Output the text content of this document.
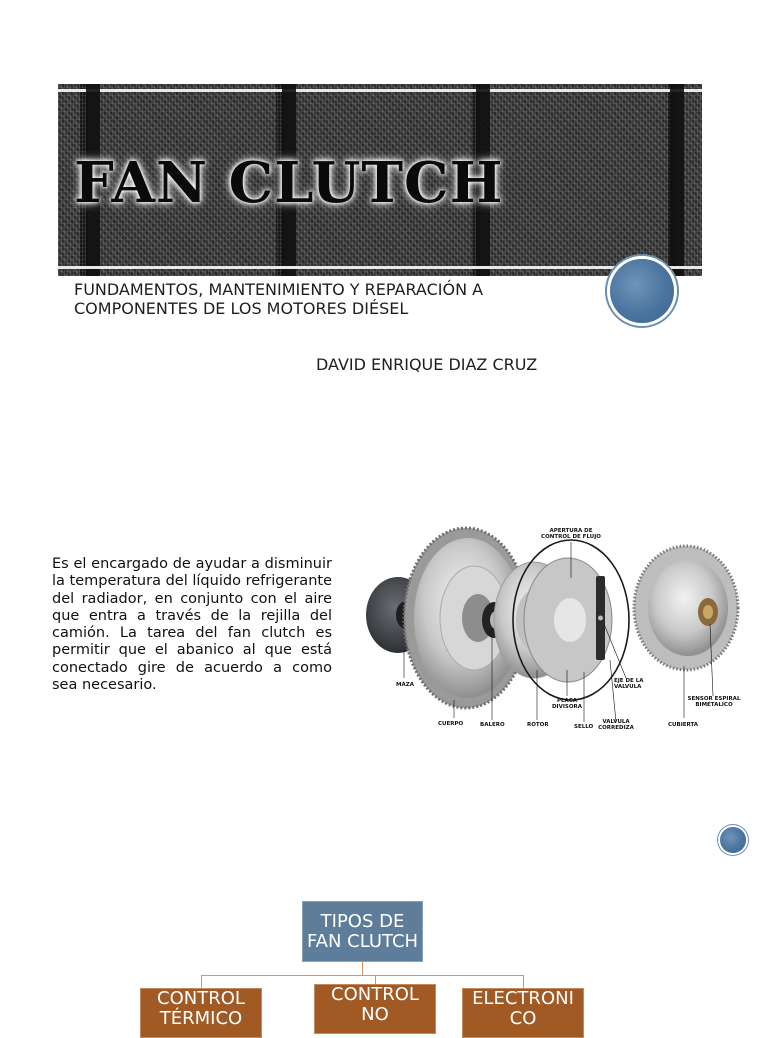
FAN CLUTCH
FUNDAMENTOS, MANTENIMIENTO Y REPARACIÓN A COMPONENTES DE LOS MOTORES DIÉSEL
DAVID ENRIQUE DIAZ CRUZ
Es el encargado de ayudar a disminuir la temperatura del líquido refrigerante del radiador, en conjunto con el aire que entra a través de la rejilla del camión. La tarea del fan clutch es permitir que el abanico al que está conectado gire de acuerdo a como sea necesario.
APERTURA DE
CONTROL DE FLUJO
MAZA
CUERPO	BALERO	ROTOR
PLACA
DIVISORA
SELLO
VALVULA
CORREDIZA
EJE DE LA
VALVULA
SENSOR ESPIRAL
BIMETALICO
CUBIERTA
TIPOS DE FAN CLUTCH
CONTROL TÉRMICO
CONTROL NO
ELECTRONI CO
